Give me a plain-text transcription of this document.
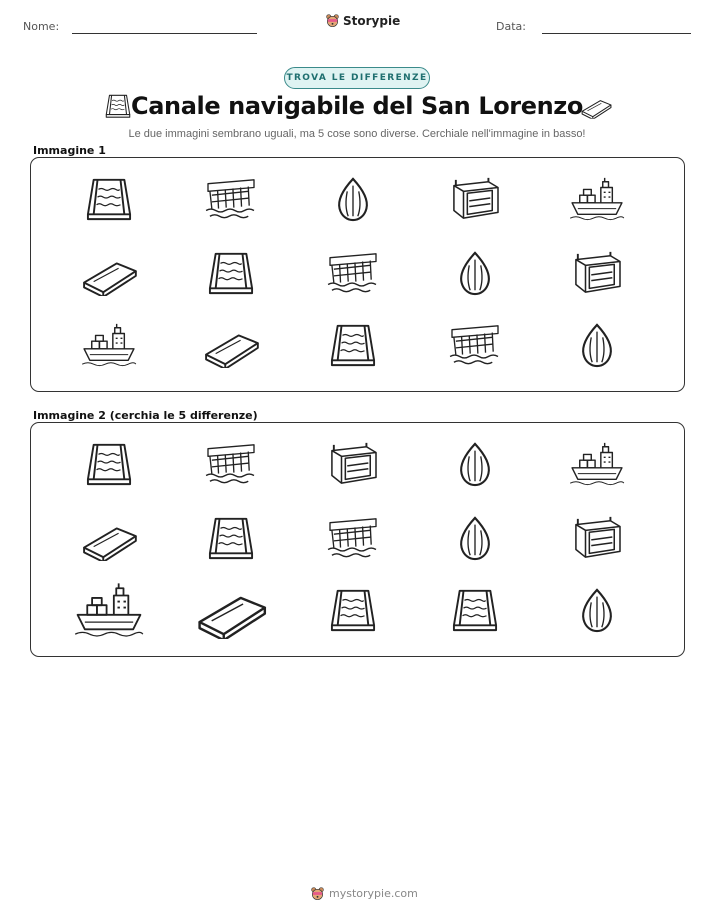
Nome:	Storypie	Data:
TROVA LE DIFFERENZE
Canale navigabile del San Lorenzo
Le due immagini sembrano uguali, ma 5 cose sono diverse. Cerchiale nell'immagine in basso!
Immagine 1
Immagine 2 (cerchia le 5 differenze)
mystorypie.com
